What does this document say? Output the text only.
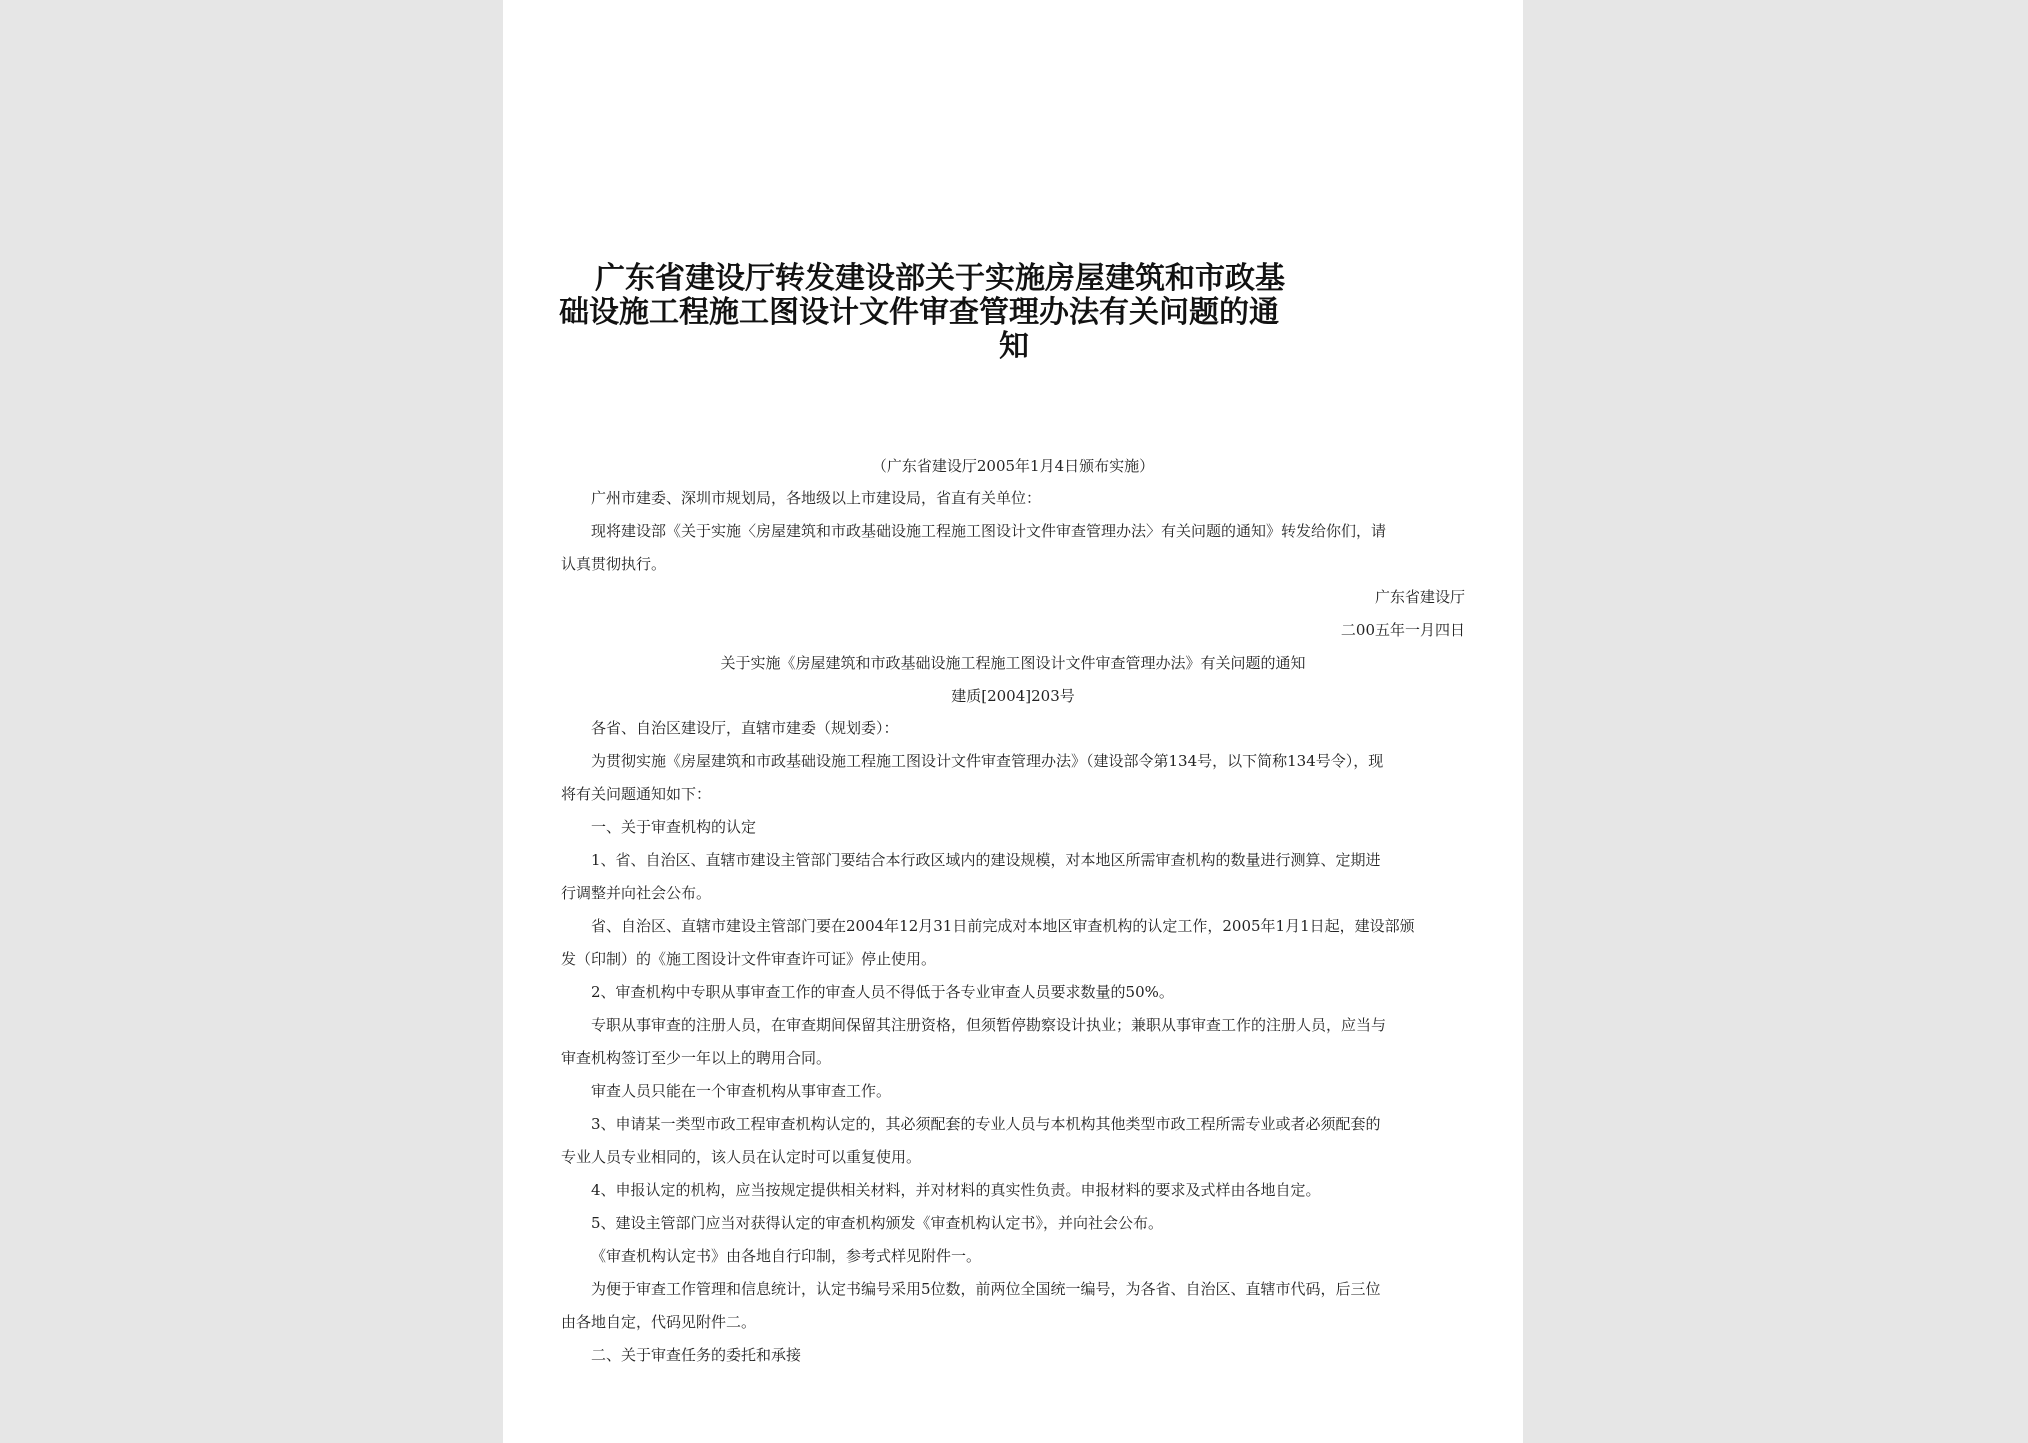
广东省建设厅转发建设部关于实施房屋建筑和市政基
础设施工程施工图设计文件审查管理办法有关问题的通
知
（广东省建设厅2005年1月4日颁布实施）
广州市建委、深圳市规划局，各地级以上市建设局，省直有关单位：
现将建设部《关于实施〈房屋建筑和市政基础设施工程施工图设计文件审查管理办法〉有关问题的通知》转发给你们，请
认真贯彻执行。
广东省建设厅
二00五年一月四日
关于实施《房屋建筑和市政基础设施工程施工图设计文件审查管理办法》有关问题的通知
建质[2004]203号
各省、自治区建设厅，直辖市建委（规划委）：
为贯彻实施《房屋建筑和市政基础设施工程施工图设计文件审查管理办法》（建设部令第134号，以下简称134号令），现
将有关问题通知如下：
一、关于审查机构的认定
1、省、自治区、直辖市建设主管部门要结合本行政区域内的建设规模，对本地区所需审查机构的数量进行测算、定期进
行调整并向社会公布。
省、自治区、直辖市建设主管部门要在2004年12月31日前完成对本地区审查机构的认定工作，2005年1月1日起，建设部颁
发（印制）的《施工图设计文件审查许可证》停止使用。
2、审查机构中专职从事审查工作的审查人员不得低于各专业审查人员要求数量的50%。
专职从事审查的注册人员，在审查期间保留其注册资格，但须暂停勘察设计执业；兼职从事审查工作的注册人员，应当与
审查机构签订至少一年以上的聘用合同。
审查人员只能在一个审查机构从事审查工作。
3、申请某一类型市政工程审查机构认定的，其必须配套的专业人员与本机构其他类型市政工程所需专业或者必须配套的
专业人员专业相同的，该人员在认定时可以重复使用。
4、申报认定的机构，应当按规定提供相关材料，并对材料的真实性负责。申报材料的要求及式样由各地自定。
5、建设主管部门应当对获得认定的审查机构颁发《审查机构认定书》，并向社会公布。
《审查机构认定书》由各地自行印制，参考式样见附件一。
为便于审查工作管理和信息统计，认定书编号采用5位数，前两位全国统一编号，为各省、自治区、直辖市代码，后三位
由各地自定，代码见附件二。
二、关于审查任务的委托和承接
